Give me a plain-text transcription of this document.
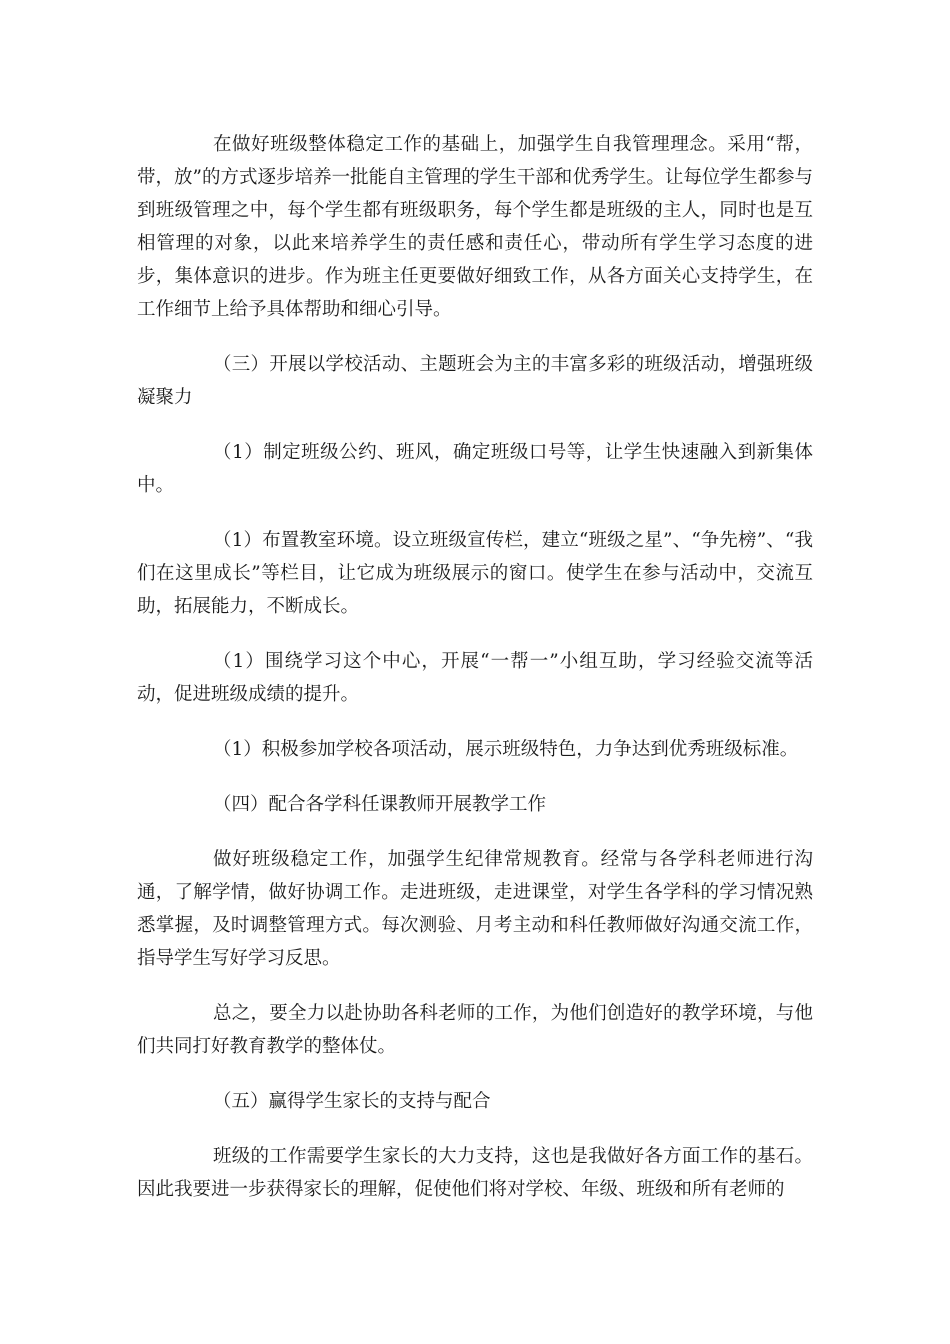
在做好班级整体稳定工作的基础上，加强学生自我管理理念。采用“帮，带，放”的方式逐步培养一批能自主管理的学生干部和优秀学生。让每位学生都参与到班级管理之中，每个学生都有班级职务，每个学生都是班级的主人，同时也是互相管理的对象，以此来培养学生的责任感和责任心，带动所有学生学习态度的进步，集体意识的进步。作为班主任更要做好细致工作，从各方面关心支持学生，在工作细节上给予具体帮助和细心引导。

（三）开展以学校活动、主题班会为主的丰富多彩的班级活动，增强班级凝聚力

（1）制定班级公约、班风，确定班级口号等，让学生快速融入到新集体中。

（1）布置教室环境。设立班级宣传栏，建立“班级之星”、“争先榜”、“我们在这里成长”等栏目，让它成为班级展示的窗口。使学生在参与活动中，交流互助，拓展能力，不断成长。

（1）围绕学习这个中心，开展“一帮一”小组互助，学习经验交流等活动，促进班级成绩的提升。

（1）积极参加学校各项活动，展示班级特色，力争达到优秀班级标准。

（四）配合各学科任课教师开展教学工作

做好班级稳定工作，加强学生纪律常规教育。经常与各学科老师进行沟通，了解学情，做好协调工作。走进班级，走进课堂，对学生各学科的学习情况熟悉掌握，及时调整管理方式。每次测验、月考主动和科任教师做好沟通交流工作，指导学生写好学习反思。

总之，要全力以赴协助各科老师的工作，为他们创造好的教学环境，与他们共同打好教育教学的整体仗。

（五）赢得学生家长的支持与配合

班级的工作需要学生家长的大力支持，这也是我做好各方面工作的基石。因此我要进一步获得家长的理解，促使他们将对学校、年级、班级和所有老师的
